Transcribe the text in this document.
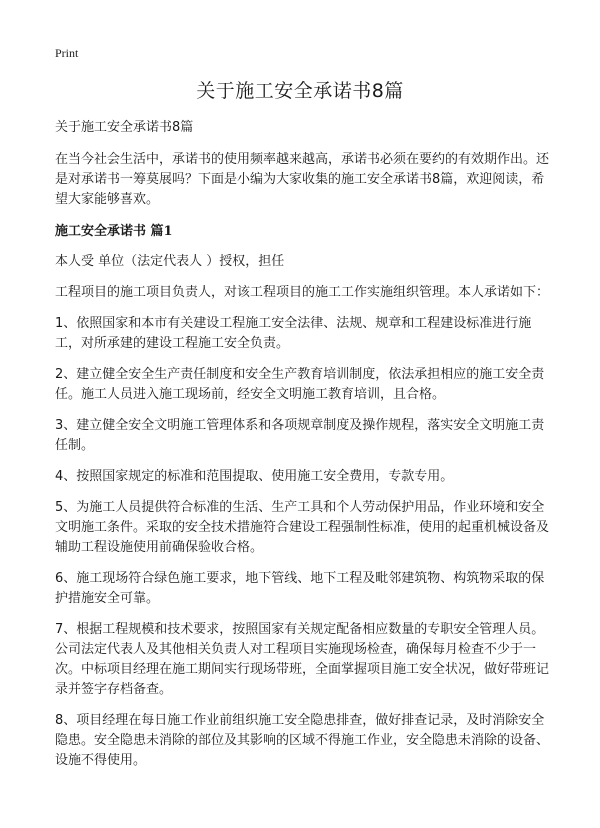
Print
关于施工安全承诺书8篇

关于施工安全承诺书8篇

在当今社会生活中，承诺书的使用频率越来越高，承诺书必须在要约的有效期作出。还是对承诺书一筹莫展吗？下面是小编为大家收集的施工安全承诺书8篇，欢迎阅读，希望大家能够喜欢。

施工安全承诺书 篇1

本人受 单位（法定代表人 ）授权，担任

工程项目的施工项目负责人，对该工程项目的施工工作实施组织管理。本人承诺如下：

1、依照国家和本市有关建设工程施工安全法律、法规、规章和工程建设标准进行施工，对所承建的建设工程施工安全负责。

2、建立健全安全生产责任制度和安全生产教育培训制度，依法承担相应的施工安全责任。施工人员进入施工现场前，经安全文明施工教育培训，且合格。

3、建立健全安全文明施工管理体系和各项规章制度及操作规程，落实安全文明施工责任制。

4、按照国家规定的标准和范围提取、使用施工安全费用，专款专用。

5、为施工人员提供符合标准的生活、生产工具和个人劳动保护用品，作业环境和安全文明施工条件。采取的安全技术措施符合建设工程强制性标准，使用的起重机械设备及辅助工程设施使用前确保验收合格。

6、施工现场符合绿色施工要求，地下管线、地下工程及毗邻建筑物、构筑物采取的保护措施安全可靠。

7、根据工程规模和技术要求，按照国家有关规定配备相应数量的专职安全管理人员。公司法定代表人及其他相关负责人对工程项目实施现场检查，确保每月检查不少于一次。中标项目经理在施工期间实行现场带班，全面掌握项目施工安全状况，做好带班记录并签字存档备查。

8、项目经理在每日施工作业前组织施工安全隐患排查，做好排查记录，及时消除安全隐患。安全隐患未消除的部位及其影响的区域不得施工作业，安全隐患未消除的设备、设施不得使用。
